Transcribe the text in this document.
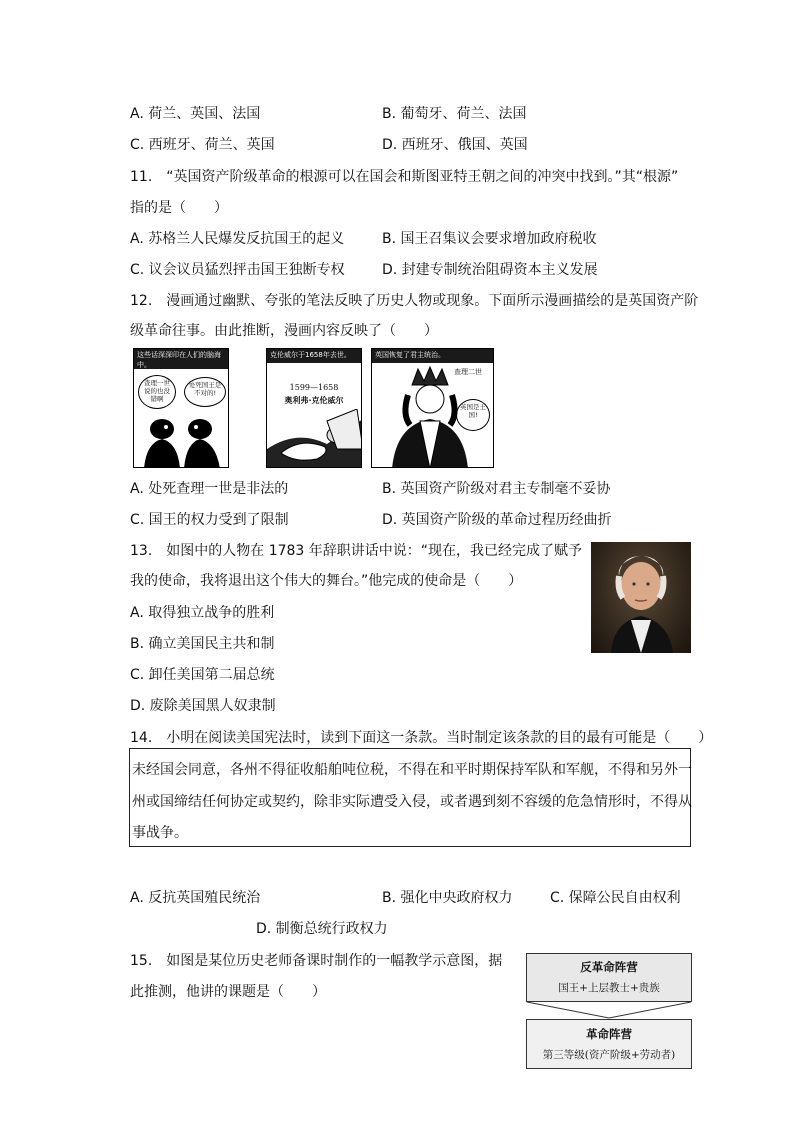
A. 荷兰、英国、法国	B. 葡萄牙、荷兰、法国
C. 西班牙、荷兰、英国	D. 西班牙、俄国、英国
11.　“英国资产阶级革命的根源可以在国会和斯图亚特王朝之间的冲突中找到。”其“根源”
指的是（　　）
A. 苏格兰人民爆发反抗国王的起义	B. 国王召集议会要求增加政府税收
C. 议会议员猛烈抨击国王独断专权	D. 封建专制统治阻碍资本主义发展
12.　漫画通过幽默、夸张的笔法反映了历史人物或现象。下面所示漫画描绘的是英国资产阶
级革命往事。由此推断，漫画内容反映了（　　）
这些话深深印在人们的脑海中。
查理一世说的也没错啊
处死国王是不对的!
克伦威尔于1658年去世。
1599—1658
奥利弗·克伦威尔
英国恢复了君主统治。
查理二世
英国是王国!
A. 处死查理一世是非法的	B. 英国资产阶级对君主专制毫不妥协
C. 国王的权力受到了限制	D. 英国资产阶级的革命过程历经曲折
13.　如图中的人物在 1783 年辞职讲话中说：“现在，我已经完成了赋予
我的使命，我将退出这个伟大的舞台。”他完成的使命是（　　）
A. 取得独立战争的胜利
B. 确立美国民主共和制
C. 卸任美国第二届总统
D. 废除美国黑人奴隶制
14.　小明在阅读美国宪法时，读到下面这一条款。当时制定该条款的目的最有可能是（　　）
未经国会同意，各州不得征收船舶吨位税，不得在和平时期保持军队和军舰，不得和另外一
州或国缔结任何协定或契约，除非实际遭受入侵，或者遇到刻不容缓的危急情形时，不得从
事战争。
A. 反抗英国殖民统治	B. 强化中央政府权力	C. 保障公民自由权利
D. 制衡总统行政权力
15.　如图是某位历史老师备课时制作的一幅教学示意图，据
此推测，他讲的课题是（　　）
反革命阵营
国王+上层教士+贵族
革命阵营
第三等级(资产阶级+劳动者)
